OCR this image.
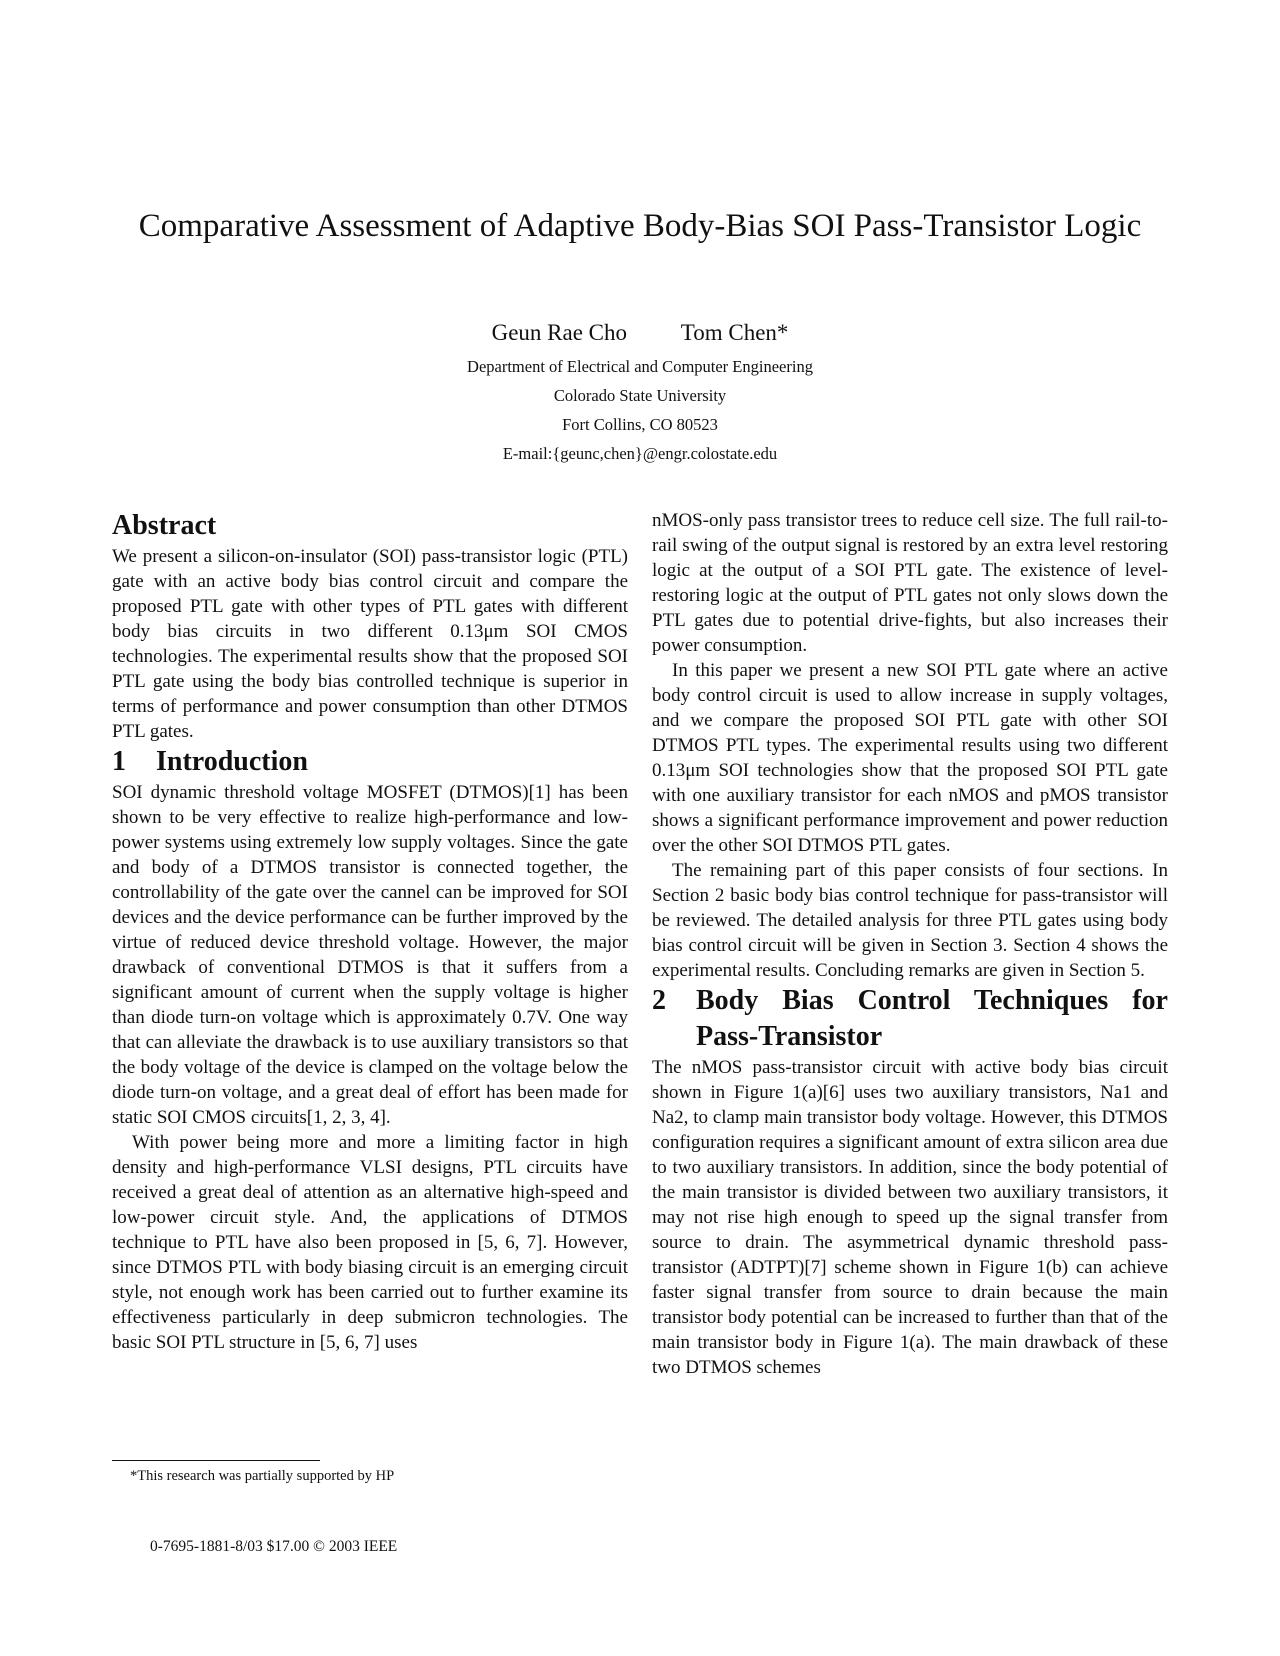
Comparative Assessment of Adaptive Body-Bias SOI Pass-Transistor Logic
Geun Rae Cho Tom Chen*
Department of Electrical and Computer Engineering
Colorado State University
Fort Collins, CO 80523
E-mail:{geunc,chen}@engr.colostate.edu
Abstract

We present a silicon-on-insulator (SOI) pass-transistor logic (PTL) gate with an active body bias control circuit and compare the proposed PTL gate with other types of PTL gates with different body bias circuits in two different 0.13μm SOI CMOS technologies. The experimental results show that the proposed SOI PTL gate using the body bias controlled technique is superior in terms of performance and power consumption than other DTMOS PTL gates.

1 Introduction

SOI dynamic threshold voltage MOSFET (DTMOS)[1] has been shown to be very effective to realize high-performance and low-power systems using extremely low supply voltages. Since the gate and body of a DTMOS transistor is connected together, the controllability of the gate over the cannel can be improved for SOI devices and the device performance can be further improved by the virtue of reduced device threshold voltage. However, the major drawback of conventional DTMOS is that it suffers from a significant amount of current when the supply voltage is higher than diode turn-on voltage which is approximately 0.7V. One way that can alleviate the drawback is to use auxiliary transistors so that the body voltage of the device is clamped on the voltage below the diode turn-on voltage, and a great deal of effort has been made for static SOI CMOS circuits[1, 2, 3, 4].

With power being more and more a limiting factor in high density and high-performance VLSI designs, PTL circuits have received a great deal of attention as an alternative high-speed and low-power circuit style. And, the applications of DTMOS technique to PTL have also been proposed in [5, 6, 7]. However, since DTMOS PTL with body biasing circuit is an emerging circuit style, not enough work has been carried out to further examine its effectiveness particularly in deep submicron technologies. The basic SOI PTL structure in [5, 6, 7] uses

nMOS-only pass transistor trees to reduce cell size. The full rail-to-rail swing of the output signal is restored by an extra level restoring logic at the output of a SOI PTL gate. The existence of level-restoring logic at the output of PTL gates not only slows down the PTL gates due to potential drive-fights, but also increases their power consumption.

In this paper we present a new SOI PTL gate where an active body control circuit is used to allow increase in supply voltages, and we compare the proposed SOI PTL gate with other SOI DTMOS PTL types. The experimental results using two different 0.13μm SOI technologies show that the proposed SOI PTL gate with one auxiliary transistor for each nMOS and pMOS transistor shows a significant performance improvement and power reduction over the other SOI DTMOS PTL gates.

The remaining part of this paper consists of four sections. In Section 2 basic body bias control technique for pass-transistor will be reviewed. The detailed analysis for three PTL gates using body bias control circuit will be given in Section 3. Section 4 shows the experimental results. Concluding remarks are given in Section 5.

2	Body Bias Control Techniques for Pass-Transistor

The nMOS pass-transistor circuit with active body bias circuit shown in Figure 1(a)[6] uses two auxiliary transistors, Na1 and Na2, to clamp main transistor body voltage. However, this DTMOS configuration requires a significant amount of extra silicon area due to two auxiliary transistors. In addition, since the body potential of the main transistor is divided between two auxiliary transistors, it may not rise high enough to speed up the signal transfer from source to drain. The asymmetrical dynamic threshold pass-transistor (ADTPT)[7] scheme shown in Figure 1(b) can achieve faster signal transfer from source to drain because the main transistor body potential can be increased to further than that of the main transistor body in Figure 1(a). The main drawback of these two DTMOS schemes

*This research was partially supported by HP
0-7695-1881-8/03 $17.00 © 2003 IEEE
